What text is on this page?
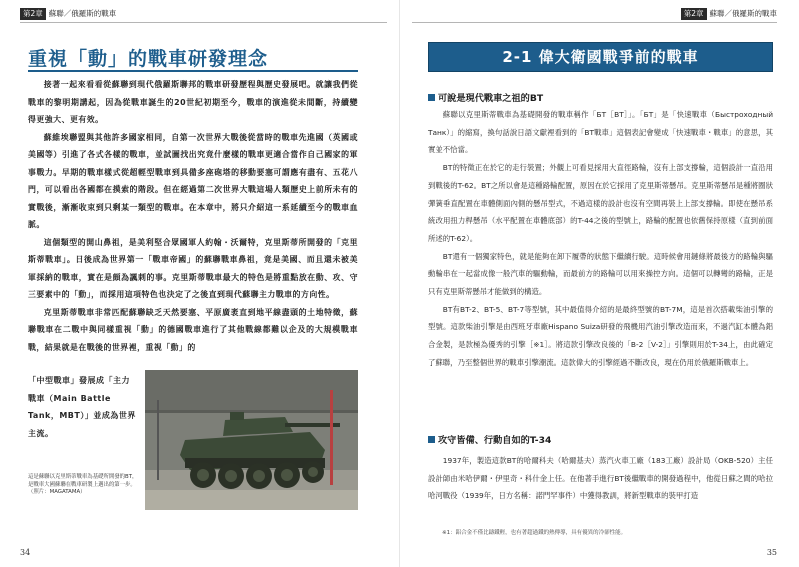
第2章 蘇聯／俄羅斯的戰車
重視「動」的戰車研發理念

接著一起來看看從蘇聯到現代俄羅斯聯邦的戰車研發歷程與歷史發展吧。就讓我們從戰車的黎明期講起，因為從戰車誕生的20世紀初期至今，戰車的演進從未間斷，持續變得更強大、更有效。

蘇維埃聯盟與其他許多國家相同，自第一次世界大戰後從當時的戰車先進國（英國或美國等）引進了各式各樣的戰車，並試圖找出究竟什麼樣的戰車更適合當作自己國家的軍事戰力。早期的戰車樣式從超輕型戰車到具備多座砲塔的移動要塞可謂應有盡有、五花八門，可以看出各國都在摸索的階段。但在經過第二次世界大戰這場人類歷史上前所未有的實戰後，漸漸收束到只剩某一類型的戰車。在本章中，將只介紹這一系延續至今的戰車血脈。

這個類型的開山鼻祖，是美利堅合眾國軍人約翰・沃爾特，克里斯蒂所開發的「克里斯蒂戰車」。日後成為世界第一「戰車帝國」的蘇聯戰車鼻祖，竟是美國、而且還未被美軍採納的戰車，實在是頗為諷刺的事。克里斯蒂戰車最大的特色是將重點放在動、攻、守三要素中的「動」，而採用這項特色也決定了之後直到現代蘇聯主力戰車的方向性。

克里斯蒂戰車非常匹配蘇聯缺乏天然要塞、平原廣袤直到地平線盡頭的土地特徵，蘇聯戰車在二戰中與同樣重視「動」的德國戰車進行了其他戰線都難以企及的大規模戰車戰，結果就是在戰後的世界裡，重視「動」的

「中型戰車」發展成「主力戰車（Main Battle Tank，MBT）」並成為世界主流。
這是蘇聯以克里斯蒂戰車為基礎所開發的BT，是戰車大國蘇聯在戰車研製上邁出的第一步。（照片：MAGATAMA）
34
第2章 蘇聯／俄羅斯的戰車
2-1 偉大衛國戰爭前的戰車
可說是現代戰車之祖的BT

蘇聯以克里斯蒂戰車為基礎開發的戰車稱作「БТ［BT］」。「БТ」是「快速戰車（Быстроходный Танк）」的縮寫，換句話說日語文獻裡看到的「BT戰車」這個表記會變成「快速戰車・戰車」的意思，其實並不恰當。

BT的特徵正在於它的走行裝置；外觀上可看見採用大直徑路輪，沒有上部支撐輪，這個設計一直沿用到戰後的T-62。BT之所以會是這種路輪配置，原因在於它採用了克里斯蒂懸吊。克里斯蒂懸吊是種將圈狀彈簧垂直配置在車體側面內側的懸吊型式，不過這樣的設計也沒有空間再裝上上部支撐輪。即使在懸吊系統改用扭力桿懸吊（水平配置在車體底部）的T-44之後的型號上，路輪的配置也依舊保持原樣（直到前面所述的T-62）。

BT還有一個獨家特色，就是能夠在卸下履帶的狀態下繼續行駛。這時候會用鏈條將最後方的路輪與驅動輪串在一起當成像一般汽車的驅動輪，而最前方的路輪可以用來操控方向。這個可以轉彎的路輪，正是只有克里斯蒂懸吊才能做到的構造。

BT有BT-2、BT-5、BT-7等型號，其中最值得介紹的是最終型號的BT-7M，這是首次搭載柴油引擎的型號。這款柴油引擎是由西班牙車廠Hispano Suiza研發的飛機用汽油引擎改造而來，不過汽缸本體為鋁合金製，是款極為優秀的引擎［※1］。將這款引擎改良後的「B-2［V-2］」引擎則用於T-34上，由此確定了蘇聯，乃至整個世界的戰車引擎潮流。這款偉大的引擎經過不斷改良，現在仍用於俄羅斯戰車上。

攻守皆備、行動自如的T-34

1937年，製造這款BT的哈爾科夫（哈爾基夫）蒸汽火車工廠（183工廠）設計局（OKB-520）主任設計師由米哈伊爾・伊里奇・科什金上任。在他著手進行BT後繼戰車的開發過程中，他從日蘇之間的哈拉哈河戰役（1939年，日方名稱：諾門罕事件）中獲得教訓，將新型戰車的裝甲打造

※1：鋁合金不僅比鑄鐵輕，也有著超過鐵的熱傳導，具有優異的冷卻性能。
35
